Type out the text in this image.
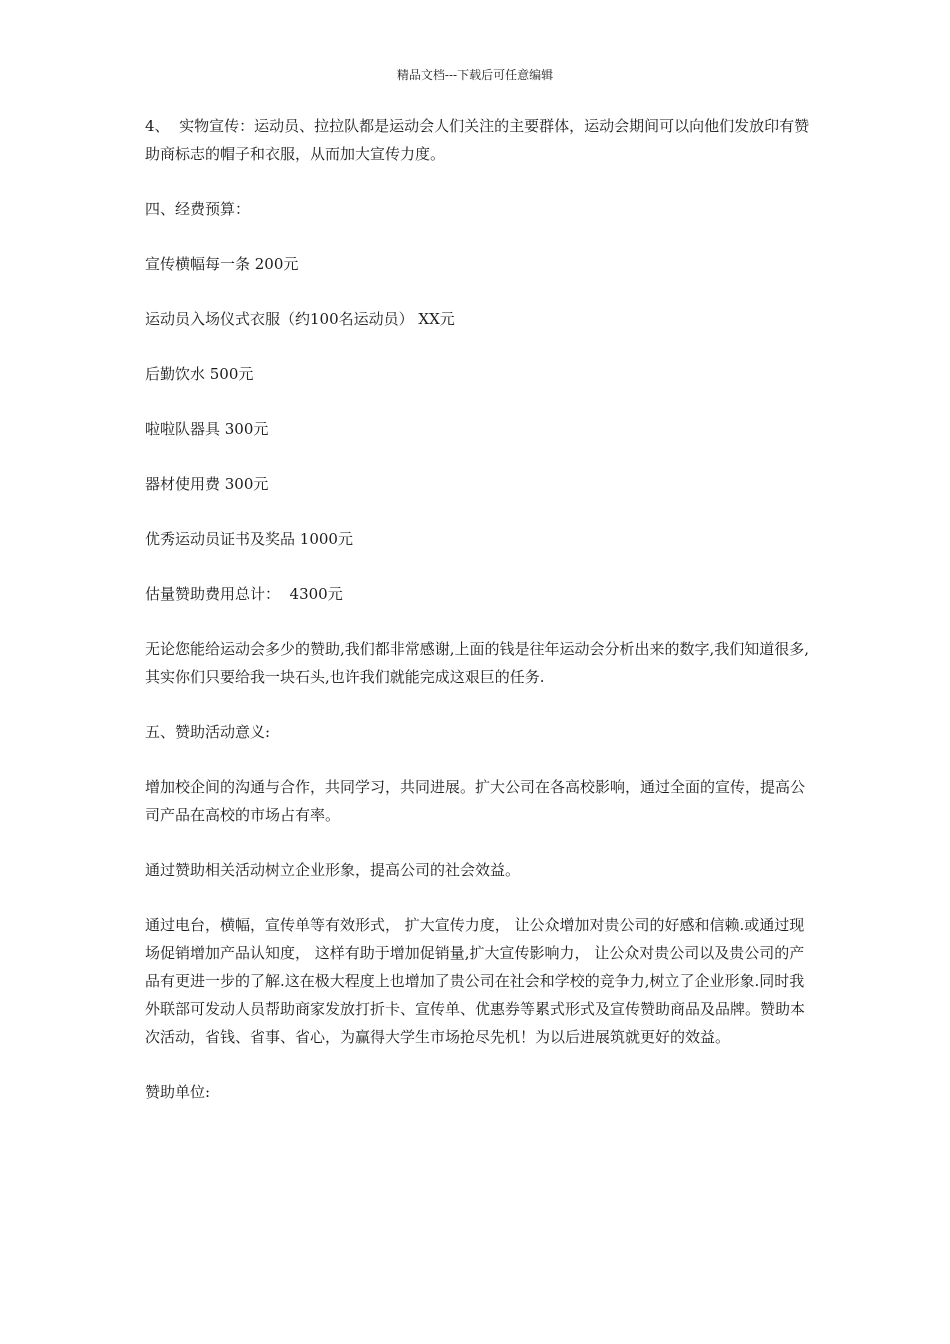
精品文档---下载后可任意编辑

4、  实物宣传：运动员、拉拉队都是运动会人们关注的主要群体，运动会期间可以向他们发放印有赞助商标志的帽子和衣服，从而加大宣传力度。

四、经费预算：

宣传横幅每一条 200元

运动员入场仪式衣服（约100名运动员） XX元

后勤饮水 500元

啦啦队器具 300元

器材使用费 300元

优秀运动员证书及奖品 1000元

估量赞助费用总计：  4300元

无论您能给运动会多少的赞助,我们都非常感谢,上面的钱是往年运动会分析出来的数字,我们知道很多,其实你们只要给我一块石头,也许我们就能完成这艰巨的任务.

五、赞助活动意义:

增加校企间的沟通与合作，共同学习，共同进展。扩大公司在各高校影响，通过全面的宣传，提高公司产品在高校的市场占有率。

通过赞助相关活动树立企业形象，提高公司的社会效益。

通过电台，横幅，宣传单等有效形式， 扩大宣传力度， 让公众增加对贵公司的好感和信赖.或通过现场促销增加产品认知度， 这样有助于增加促销量,扩大宣传影响力， 让公众对贵公司以及贵公司的产品有更进一步的了解.这在极大程度上也增加了贵公司在社会和学校的竞争力,树立了企业形象.同时我外联部可发动人员帮助商家发放打折卡、宣传单、优惠券等累式形式及宣传赞助商品及品牌。赞助本次活动，省钱、省事、省心，为赢得大学生市场抢尽先机！为以后进展筑就更好的效益。

赞助单位:
